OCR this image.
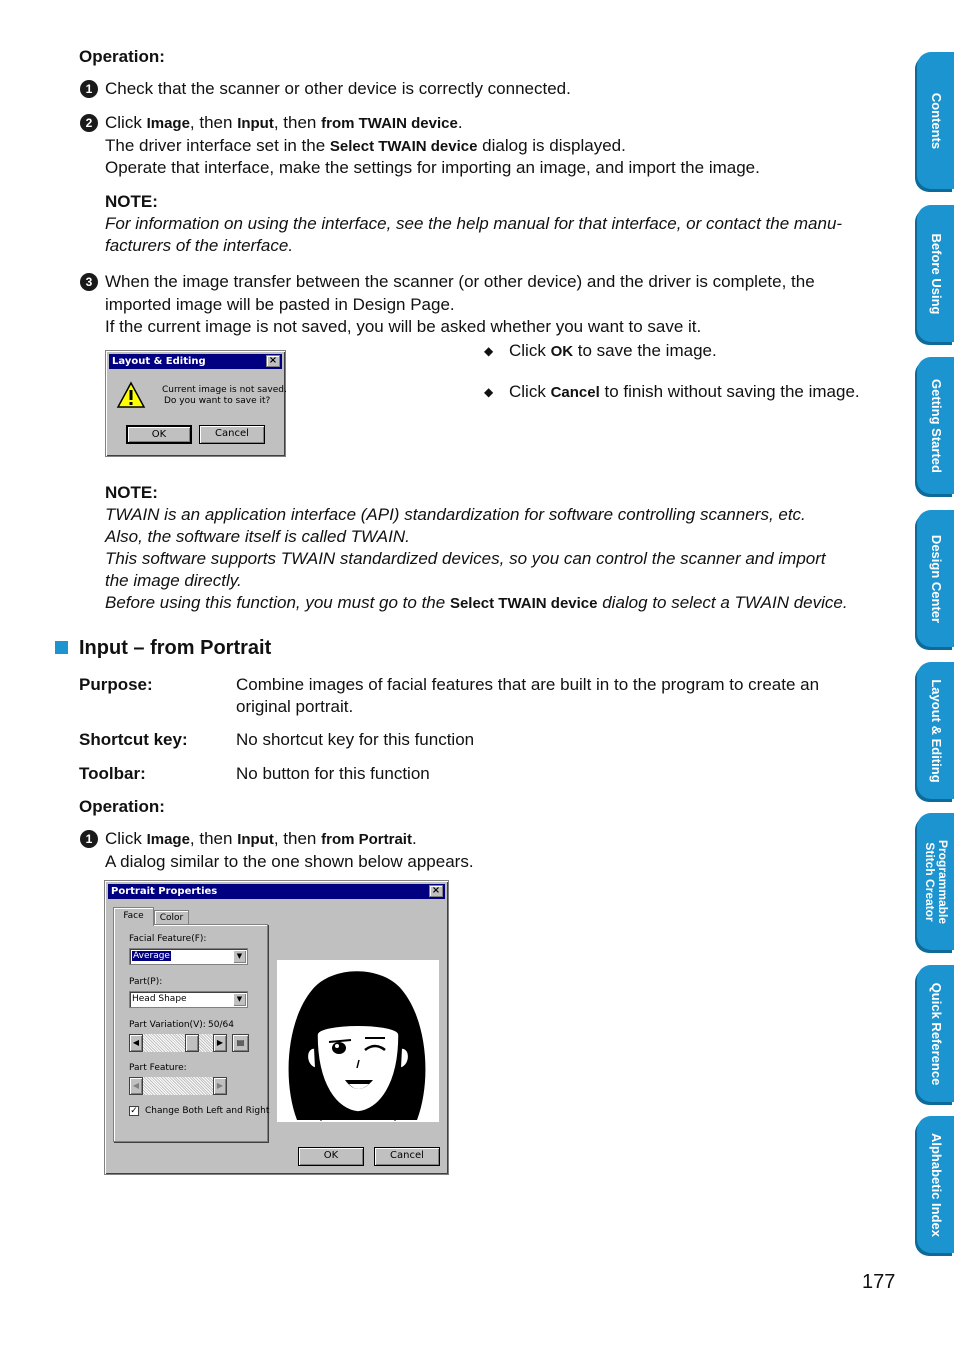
Operation:
1 Check that the scanner or other device is correctly connected.
2 Click Image, then Input, then from TWAIN device.
The driver interface set in the Select TWAIN device dialog is displayed.
Operate that interface, make the settings for importing an image, and import the image.
NOTE:
For information on using the interface, see the help manual for that interface, or contact the manu-
facturers of the interface.
3 When the image transfer between the scanner (or other device) and the driver is complete, the
imported image will be pasted in Design Page.
If the current image is not saved, you will be asked whether you want to save it.
Layout & Editing	×
Current image is not saved.
Do you want to save it?
OK	Cancel
◆ Click OK to save the image.
◆ Click Cancel to finish without saving the image.
NOTE:
TWAIN is an application interface (API) standardization for software controlling scanners, etc.
Also, the software itself is called TWAIN.
This software supports TWAIN standardized devices, so you can control the scanner and import
the image directly.
Before using this function, you must go to the Select TWAIN device dialog to select a TWAIN device.
Input – from Portrait
Purpose:	Combine images of facial features that are built in to the program to create an
original portrait.
Shortcut key:	No shortcut key for this function
Toolbar:	No button for this function
Operation:
1 Click Image, then Input, then from Portrait.
A dialog similar to the one shown below appears.
Portrait Properties	×
Face	Color
Facial Feature(F):
Average	▼
Part(P):
Head Shape	▼
Part Variation(V): 50/64
◀	▶	▤
Part Feature:
◀	▶
✓ Change Both Left and Right
OK	Cancel
Contents
Before Using
Getting Started
Design Center
Layout & Editing
Programmable
Stitch Creator
Quick Reference
Alphabetic Index
177
